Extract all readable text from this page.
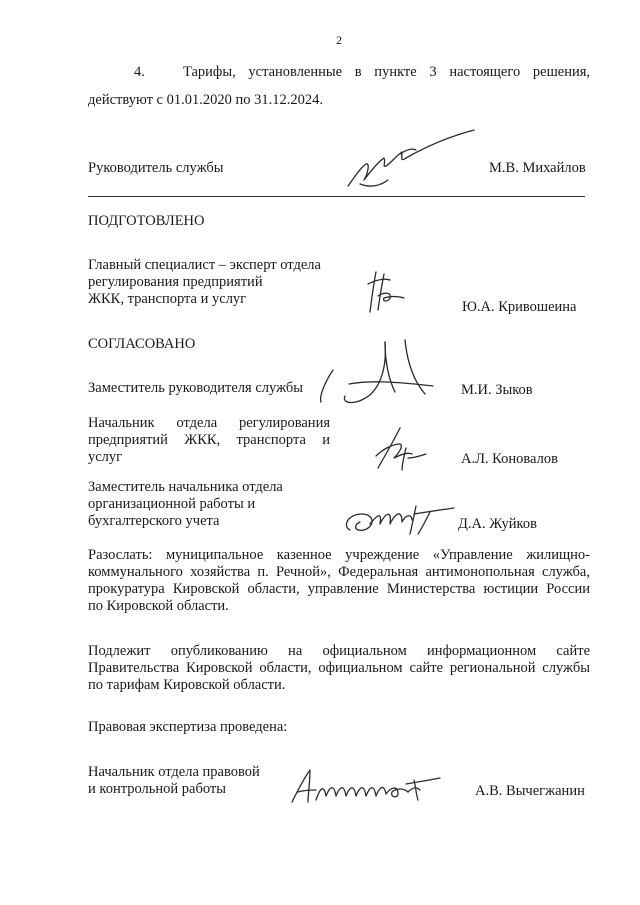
2
4.	Тарифы, установленные в пункте 3 настоящего решения,
действуют с 01.01.2020 по 31.12.2024.
Руководитель службы	М.В. Михайлов
ПОДГОТОВЛЕНО
Главный специалист – эксперт отдела
регулирования предприятий
ЖКК, транспорта и услуг	Ю.А. Кривошеина
СОГЛАСОВАНО
Заместитель руководителя службы	М.И. Зыков
Начальник отдела регулирования
предприятий ЖКК, транспорта и
услуг	А.Л. Коновалов
Заместитель начальника отдела
организационной работы и
бухгалтерского учета	Д.А. Жуйков
Разослать: муниципальное казенное учреждение «Управление жилищно-
коммунального хозяйства п. Речной», Федеральная антимонопольная служба,
прокуратура Кировской области, управление Министерства юстиции России
по Кировской области.
Подлежит опубликованию на официальном информационном сайте
Правительства Кировской области, официальном сайте региональной службы
по тарифам Кировской области.
Правовая экспертиза проведена:
Начальник отдела правовой
и контрольной работы	А.В. Вычегжанин
